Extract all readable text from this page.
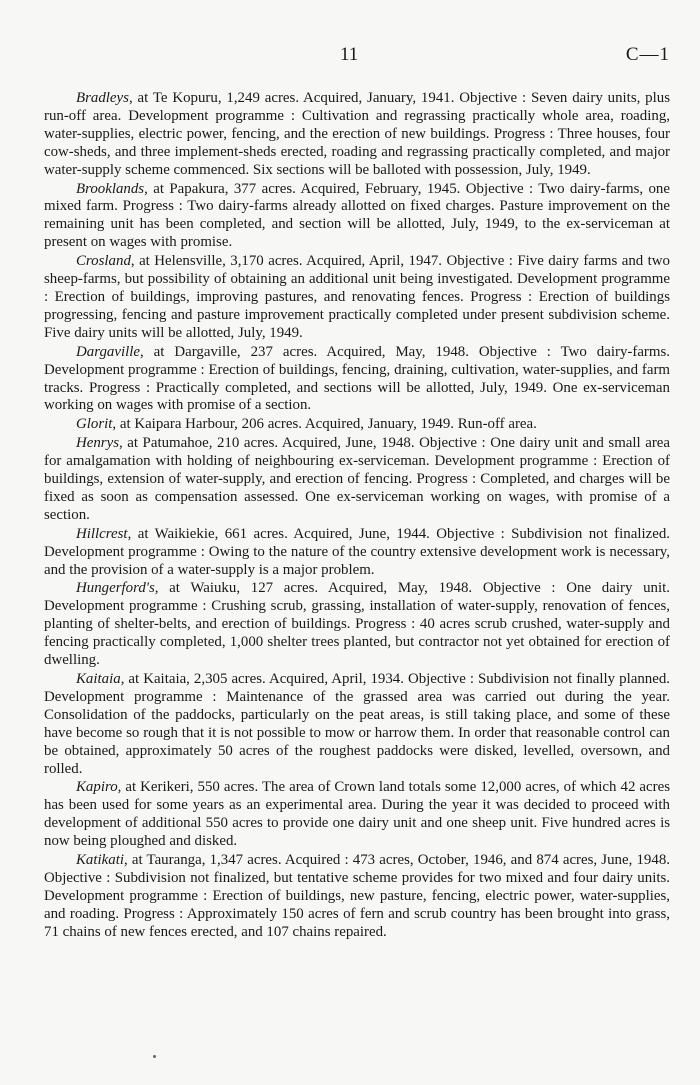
11	C—1

Bradleys, at Te Kopuru, 1,249 acres. Acquired, January, 1941. Objective : Seven dairy units, plus run-off area. Development programme : Cultivation and regrassing practically whole area, roading, water-supplies, electric power, fencing, and the erection of new buildings. Progress : Three houses, four cow-sheds, and three implement-sheds erected, roading and regrassing practically completed, and major water-supply scheme commenced. Six sections will be balloted with possession, July, 1949.

Brooklands, at Papakura, 377 acres. Acquired, February, 1945. Objective : Two dairy-farms, one mixed farm. Progress : Two dairy-farms already allotted on fixed charges. Pasture improvement on the remaining unit has been completed, and section will be allotted, July, 1949, to the ex-serviceman at present on wages with promise.

Crosland, at Helensville, 3,170 acres. Acquired, April, 1947. Objective : Five dairy farms and two sheep-farms, but possibility of obtaining an additional unit being investigated. Development programme : Erection of buildings, improving pastures, and renovating fences. Progress : Erection of buildings progressing, fencing and pasture improvement practically completed under present subdivision scheme. Five dairy units will be allotted, July, 1949.

Dargaville, at Dargaville, 237 acres. Acquired, May, 1948. Objective : Two dairy-farms. Development programme : Erection of buildings, fencing, draining, cultivation, water-supplies, and farm tracks. Progress : Practically completed, and sections will be allotted, July, 1949. One ex-serviceman working on wages with promise of a section.

Glorit, at Kaipara Harbour, 206 acres. Acquired, January, 1949. Run-off area.

Henrys, at Patumahoe, 210 acres. Acquired, June, 1948. Objective : One dairy unit and small area for amalgamation with holding of neighbouring ex-serviceman. Development programme : Erection of buildings, extension of water-supply, and erection of fencing. Progress : Completed, and charges will be fixed as soon as compensation assessed. One ex-serviceman working on wages, with promise of a section.

Hillcrest, at Waikiekie, 661 acres. Acquired, June, 1944. Objective : Subdivision not finalized. Development programme : Owing to the nature of the country extensive development work is necessary, and the provision of a water-supply is a major problem.

Hungerford's, at Waiuku, 127 acres. Acquired, May, 1948. Objective : One dairy unit. Development programme : Crushing scrub, grassing, installation of water-supply, renovation of fences, planting of shelter-belts, and erection of buildings. Progress : 40 acres scrub crushed, water-supply and fencing practically completed, 1,000 shelter trees planted, but contractor not yet obtained for erection of dwelling.

Kaitaia, at Kaitaia, 2,305 acres. Acquired, April, 1934. Objective : Subdivision not finally planned. Development programme : Maintenance of the grassed area was carried out during the year. Consolidation of the paddocks, particularly on the peat areas, is still taking place, and some of these have become so rough that it is not possible to mow or harrow them. In order that reasonable control can be obtained, approximately 50 acres of the roughest paddocks were disked, levelled, oversown, and rolled.

Kapiro, at Kerikeri, 550 acres. The area of Crown land totals some 12,000 acres, of which 42 acres has been used for some years as an experimental area. During the year it was decided to proceed with development of additional 550 acres to provide one dairy unit and one sheep unit. Five hundred acres is now being ploughed and disked.

Katikati, at Tauranga, 1,347 acres. Acquired : 473 acres, October, 1946, and 874 acres, June, 1948. Objective : Subdivision not finalized, but tentative scheme provides for two mixed and four dairy units. Development programme : Erection of buildings, new pasture, fencing, electric power, water-supplies, and roading. Progress : Approximately 150 acres of fern and scrub country has been brought into grass, 71 chains of new fences erected, and 107 chains repaired.
